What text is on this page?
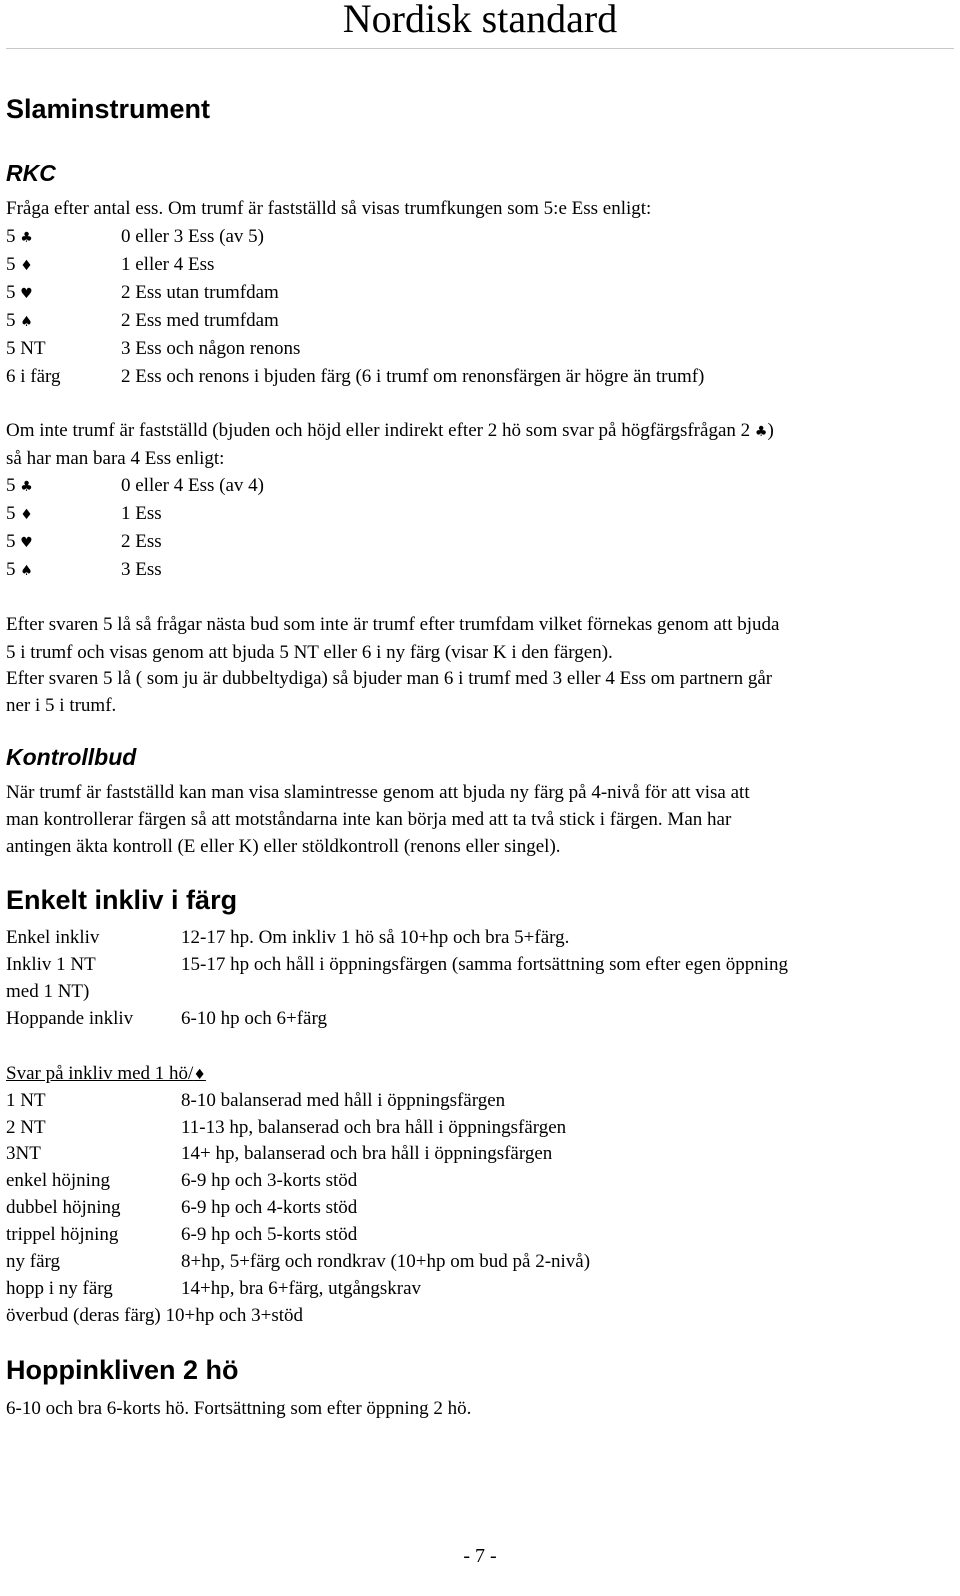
Nordisk standard
Slaminstrument
RKC
Fråga efter antal ess. Om trumf är fastställd så visas trumfkungen som 5:e Ess enligt:
5 ♣	0 eller 3 Ess (av 5)
5 ♦	1 eller 4 Ess
5 ♥	2 Ess utan trumfdam
5 ♠	2 Ess med trumfdam
5 NT	3 Ess och någon renons
6 i färg	2 Ess och renons i bjuden färg (6 i trumf om renonsfärgen är högre än trumf)
Om inte trumf är fastställd (bjuden och höjd eller indirekt efter 2 hö som svar på högfärgsfrågan 2 ♣)
så har man bara 4 Ess enligt:
5 ♣	0 eller 4 Ess (av 4)
5 ♦	1 Ess
5 ♥	2 Ess
5 ♠	3 Ess
Efter svaren 5 lå så frågar nästa bud som inte är trumf efter trumfdam vilket förnekas genom att bjuda
5 i trumf och visas genom att bjuda 5 NT eller 6 i ny färg (visar K i den färgen).
Efter svaren 5 lå ( som ju är dubbeltydiga) så bjuder man 6 i trumf med 3 eller 4 Ess om partnern går
ner i 5 i trumf.
Kontrollbud
När trumf är fastställd kan man visa slamintresse genom att bjuda ny färg på 4-nivå för att visa att
man kontrollerar färgen så att motståndarna inte kan börja med att ta två stick i färgen. Man har
antingen äkta kontroll (E eller K) eller stöldkontroll (renons eller singel).
Enkelt inkliv i färg
Enkel inkliv	12-17 hp. Om inkliv 1 hö så 10+hp och bra 5+färg.
Inkliv 1 NT	15-17 hp och håll i öppningsfärgen (samma fortsättning som efter egen öppning
med 1 NT)
Hoppande inkliv	6-10 hp och 6+färg
Svar på inkliv med 1 hö/♦
1 NT	8-10 balanserad med håll i öppningsfärgen
2 NT	11-13 hp, balanserad och bra håll i öppningsfärgen
3NT	14+ hp, balanserad och bra håll i öppningsfärgen
enkel höjning	6-9 hp och 3-korts stöd
dubbel höjning	6-9 hp och 4-korts stöd
trippel höjning	6-9 hp och 5-korts stöd
ny färg	8+hp, 5+färg och rondkrav (10+hp om bud på 2-nivå)
hopp i ny färg	14+hp, bra 6+färg, utgångskrav
överbud (deras färg) 10+hp och 3+stöd
Hoppinkliven 2 hö
6-10 och bra 6-korts hö. Fortsättning som efter öppning 2 hö.
- 7 -
